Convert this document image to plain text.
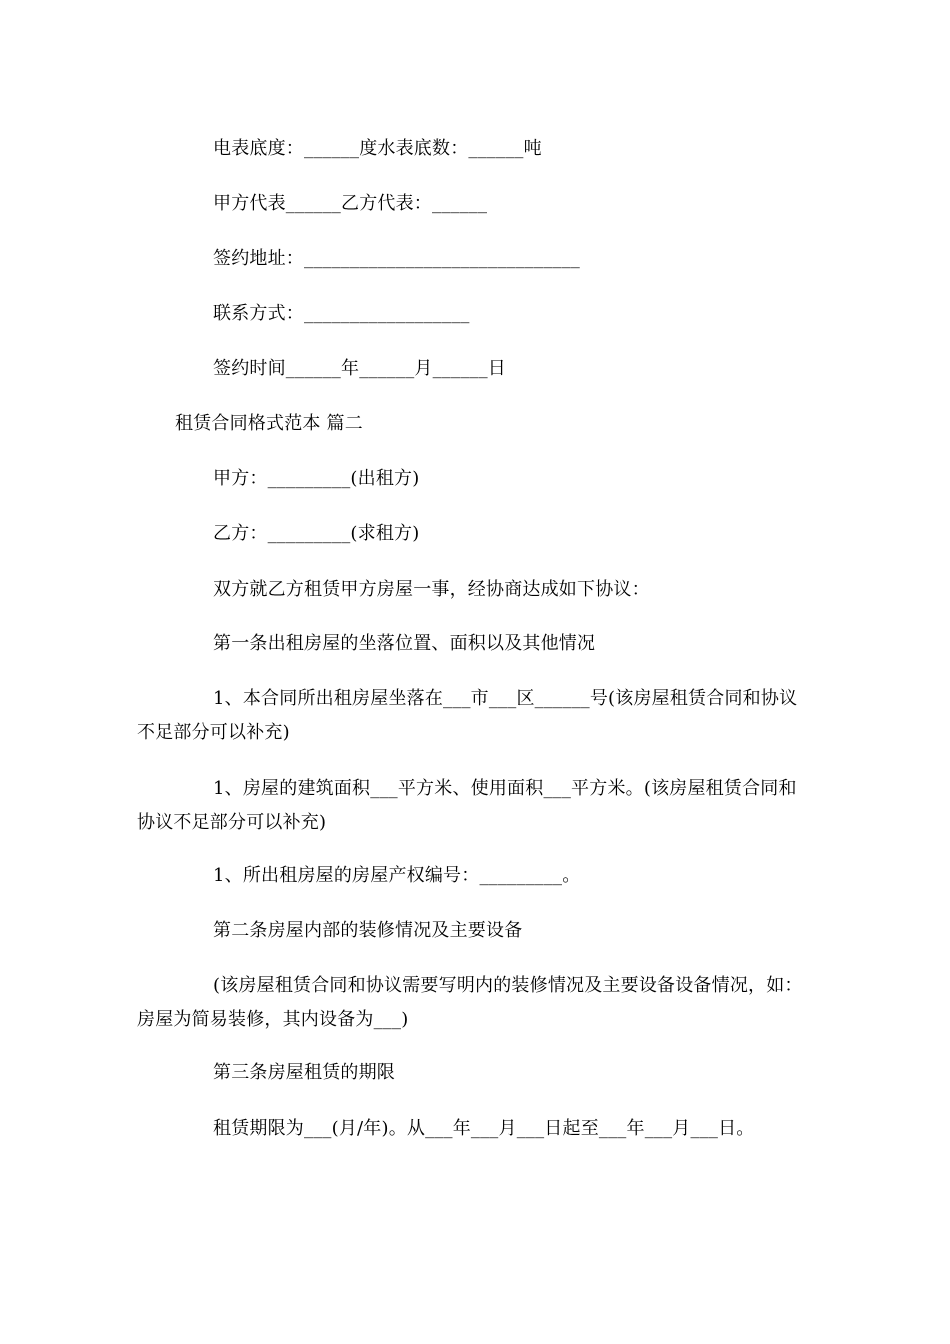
电表底度：______度水表底数：______吨
甲方代表______乙方代表：______
签约地址：______________________________
联系方式：__________________
签约时间______年______月______日
租赁合同格式范本 篇二
甲方：_________(出租方)
乙方：_________(求租方)
双方就乙方租赁甲方房屋一事，经协商达成如下协议：
第一条出租房屋的坐落位置、面积以及其他情况
1、本合同所出租房屋坐落在___市___区______号(该房屋租赁合同和协议不足部分可以补充)
1、房屋的建筑面积___平方米、使用面积___平方米。(该房屋租赁合同和协议不足部分可以补充)
1、所出租房屋的房屋产权编号：_________。
第二条房屋内部的装修情况及主要设备
(该房屋租赁合同和协议需要写明内的装修情况及主要设备设备情况，如：房屋为简易装修，其内设备为___)
第三条房屋租赁的期限
租赁期限为___(月/年)。从___年___月___日起至___年___月___日。
